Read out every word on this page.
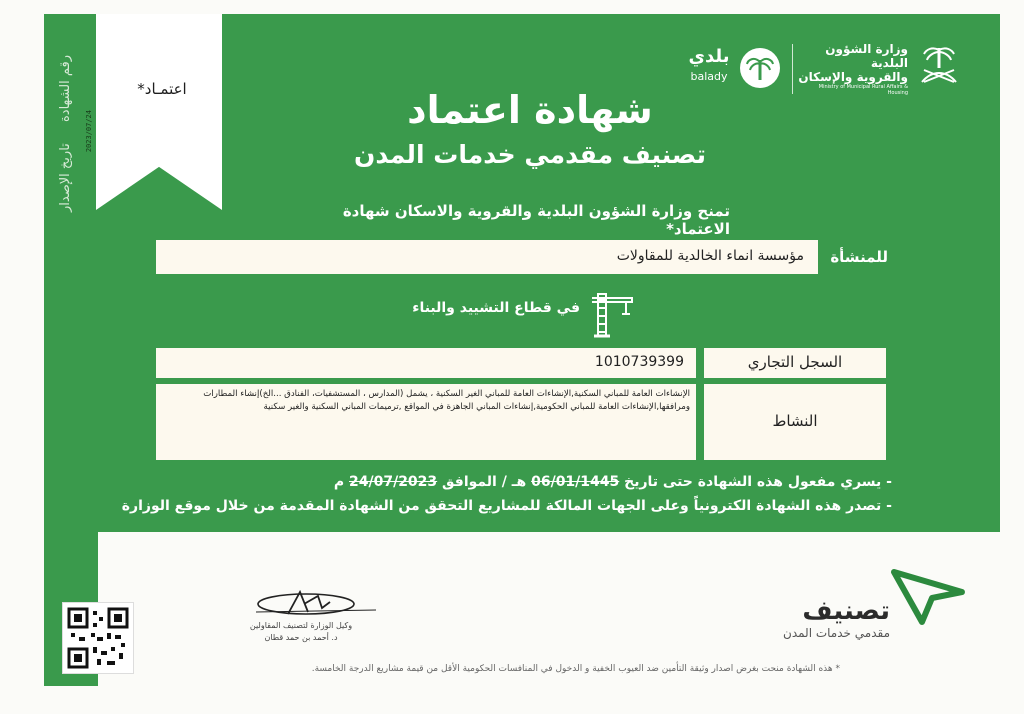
رقم الشهادة
تاريخ الإصدار
2023/07/24
اعتمـاد*
وزارة الشؤون البلدية
والقروية والإسكان
Ministry of Municipal Rural Affairs & Housing
بلدي
balady
شهادة اعتماد
تصنيف مقدمي خدمات المدن
تمنح وزارة الشؤون البلدية والقروية والاسكان شهادة الاعتماد*
للمنشأة
مؤسسة انماء الخالدية للمقاولات
في قطاع التشييد والبناء
السجل التجاري
1010739399
النشاط
الإنشاءات العامة للمباني السكنية,الإنشاءات العامة للمباني الغير السكنية ، يشمل (المدارس ، المستشفيات، الفنادق ...الخ)إنشاء المطارات
ومرافقها,الإنشاءات العامة للمباني الحكومية,إنشاءات المباني الجاهزة في المواقع ,ترميمات المباني السكنية والغير سكنية
- يسري مفعول هذه الشهادة حتى تاريخ 06/01/1445 هـ / الموافق 24/07/2023 م
- تصدر هذه الشهادة الكترونياً وعلى الجهات المالكة للمشاريع التحقق من الشهادة المقدمة من خلال موقع الوزارة
وكيل الوزارة لتصنيف المقاولين
د. أحمد بن حمد قطان
تصنيف
مقدمي خدمات المدن
* هذه الشهادة منحت بغرض اصدار وثيقة التأمين ضد العيوب الخفية و الدخول في المنافسات الحكومية الأقل من قيمة مشاريع الدرجة الخامسة.
